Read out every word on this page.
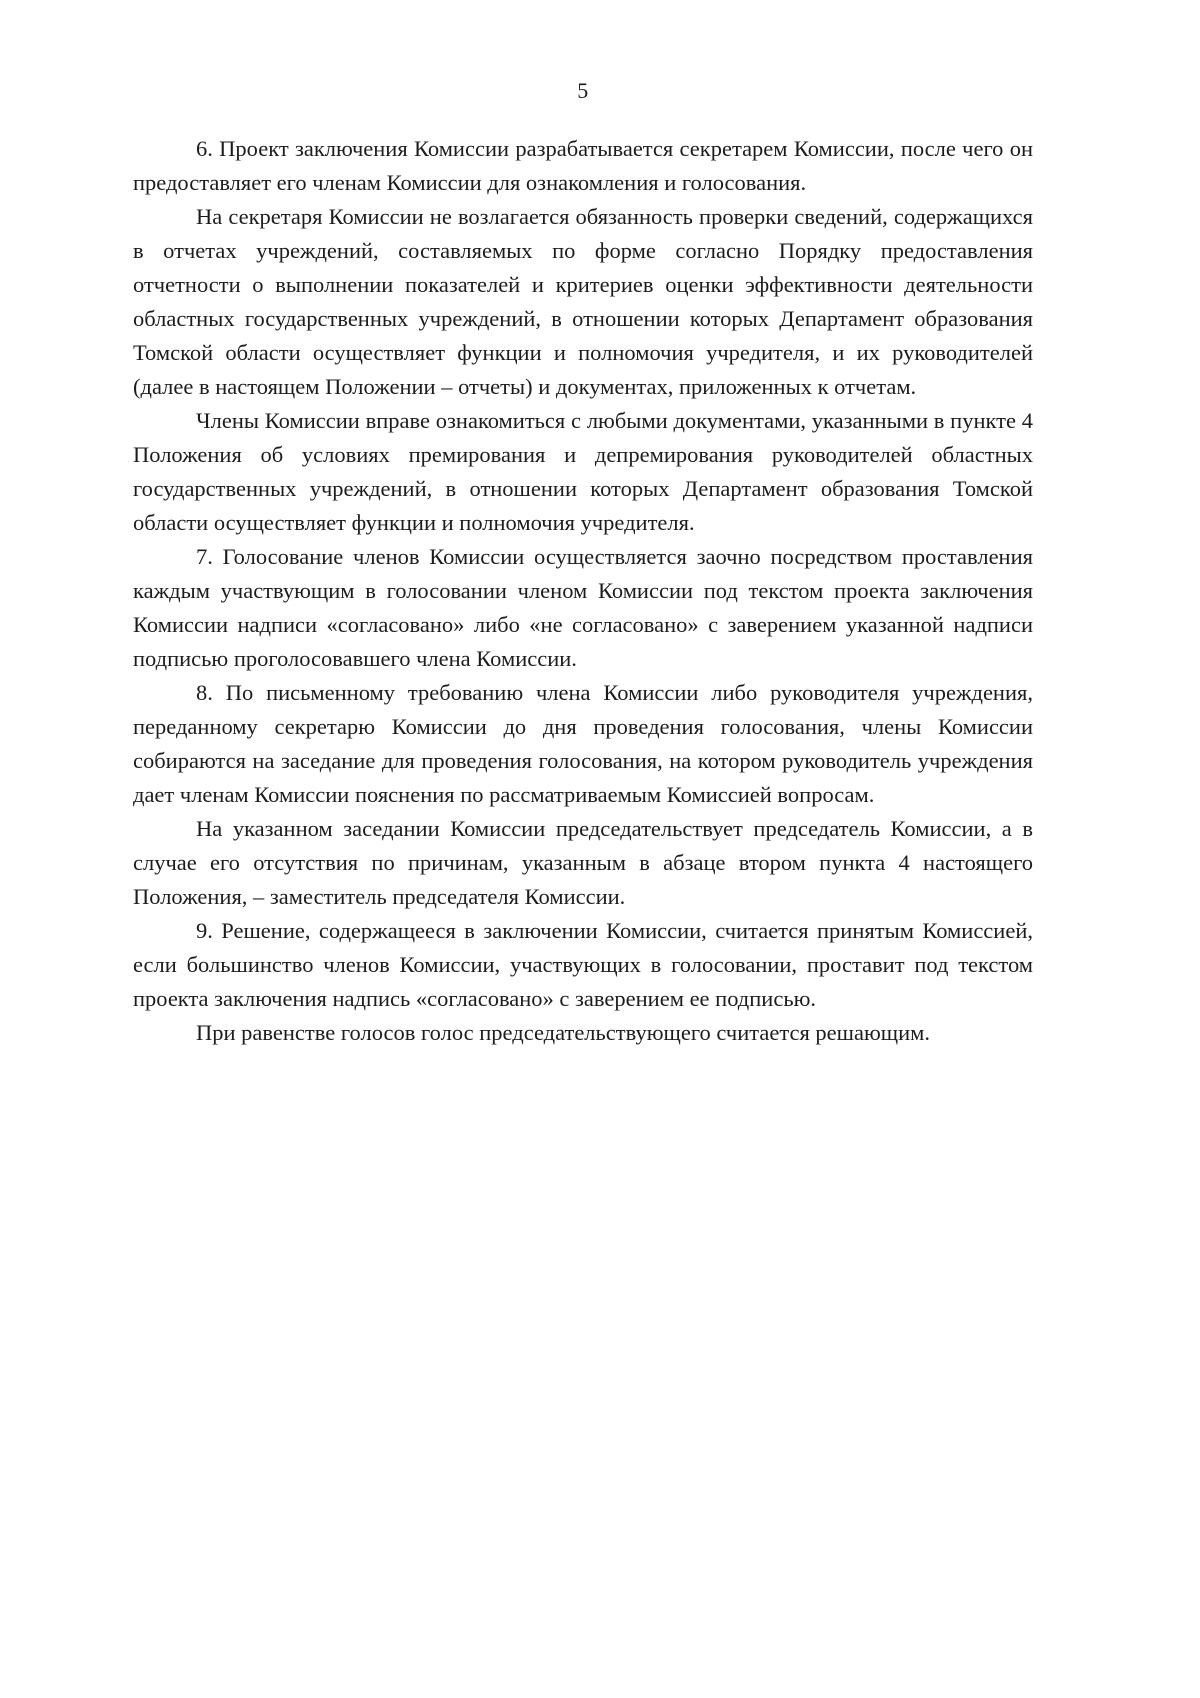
5

6. Проект заключения Комиссии разрабатывается секретарем Комиссии, после чего он предоставляет его членам Комиссии для ознакомления и голосования.

На секретаря Комиссии не возлагается обязанность проверки сведений, содержащихся в отчетах учреждений, составляемых по форме согласно Порядку предоставления отчетности о выполнении показателей и критериев оценки эффективности деятельности областных государственных учреждений, в отношении которых Департамент образования Томской области осуществляет функции и полномочия учредителя, и их руководителей (далее в настоящем Положении – отчеты) и документах, приложенных к отчетам.

Члены Комиссии вправе ознакомиться с любыми документами, указанными в пункте 4 Положения об условиях премирования и депремирования руководителей областных государственных учреждений, в отношении которых Департамент образования Томской области осуществляет функции и полномочия учредителя.

7. Голосование членов Комиссии осуществляется заочно посредством проставления каждым участвующим в голосовании членом Комиссии под текстом проекта заключения Комиссии надписи «согласовано» либо «не согласовано» с заверением указанной надписи подписью проголосовавшего члена Комиссии.

8. По письменному требованию члена Комиссии либо руководителя учреждения, переданному секретарю Комиссии до дня проведения голосования, члены Комиссии собираются на заседание для проведения голосования, на котором руководитель учреждения дает членам Комиссии пояснения по рассматриваемым Комиссией вопросам.

На указанном заседании Комиссии председательствует председатель Комиссии, а в случае его отсутствия по причинам, указанным в абзаце втором пункта 4 настоящего Положения, – заместитель председателя Комиссии.

9. Решение, содержащееся в заключении Комиссии, считается принятым Комиссией, если большинство членов Комиссии, участвующих в голосовании, проставит под текстом проекта заключения надпись «согласовано» с заверением ее подписью.

При равенстве голосов голос председательствующего считается решающим.
